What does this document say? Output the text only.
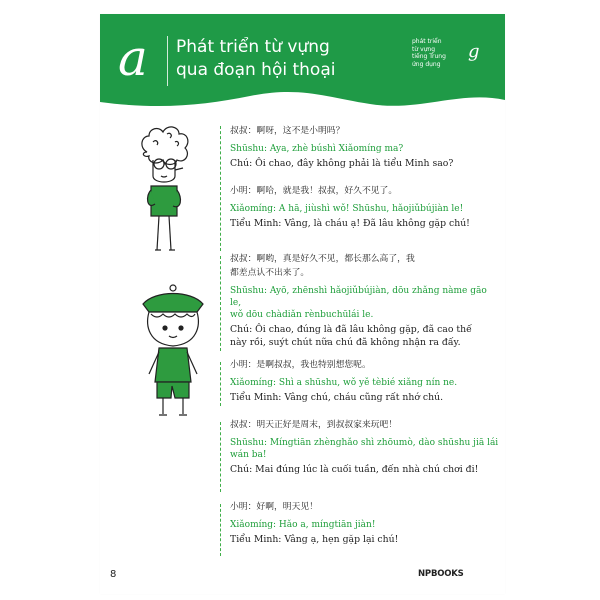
a Phát triển từ vựng
qua đoạn hội thoại
phát triển
từ vựng
tiếng Trung
ứng dụng
g
叔叔：啊呀，这不是小明吗？
Shūshu: Aya, zhè búshì Xiǎomíng ma?
Chú: Ôi chao, đây không phải là tiểu Minh sao?
小明：啊哈，就是我！叔叔，好久不见了。
Xiǎomíng: A hā, jiùshì wǒ! Shūshu, hǎojiǔbújiàn le!
Tiểu Minh: Vâng, là cháu ạ! Đã lâu không gặp chú!
叔叔：啊哟，真是好久不见，都长那么高了，我
都差点认不出来了。
Shūshu: Ayō, zhēnshì hǎojiǔbújiàn, dōu zhǎng nàme gāo le,
wǒ dōu chàdiǎn rènbuchūlái le.
Chú: Ôi chao, đúng là đã lâu không gặp, đã cao thế
này rồi, suýt chút nữa chú đã không nhận ra đấy.
小明：是啊叔叔，我也特别想您呢。
Xiǎomíng: Shì a shūshu, wǒ yě tèbié xiǎng nín ne.
Tiểu Minh: Vâng chú, cháu cũng rất nhớ chú.
叔叔：明天正好是周末，到叔叔家来玩吧！
Shūshu: Míngtiān zhènghǎo shì zhōumò, dào shūshu jiā lái
wán ba!
Chú: Mai đúng lúc là cuối tuần, đến nhà chú chơi đi!
小明：好啊，明天见！
Xiǎomíng: Hǎo a, míngtiān jiàn!
Tiểu Minh: Vâng ạ, hẹn gặp lại chú!
8	NPBOOKS
